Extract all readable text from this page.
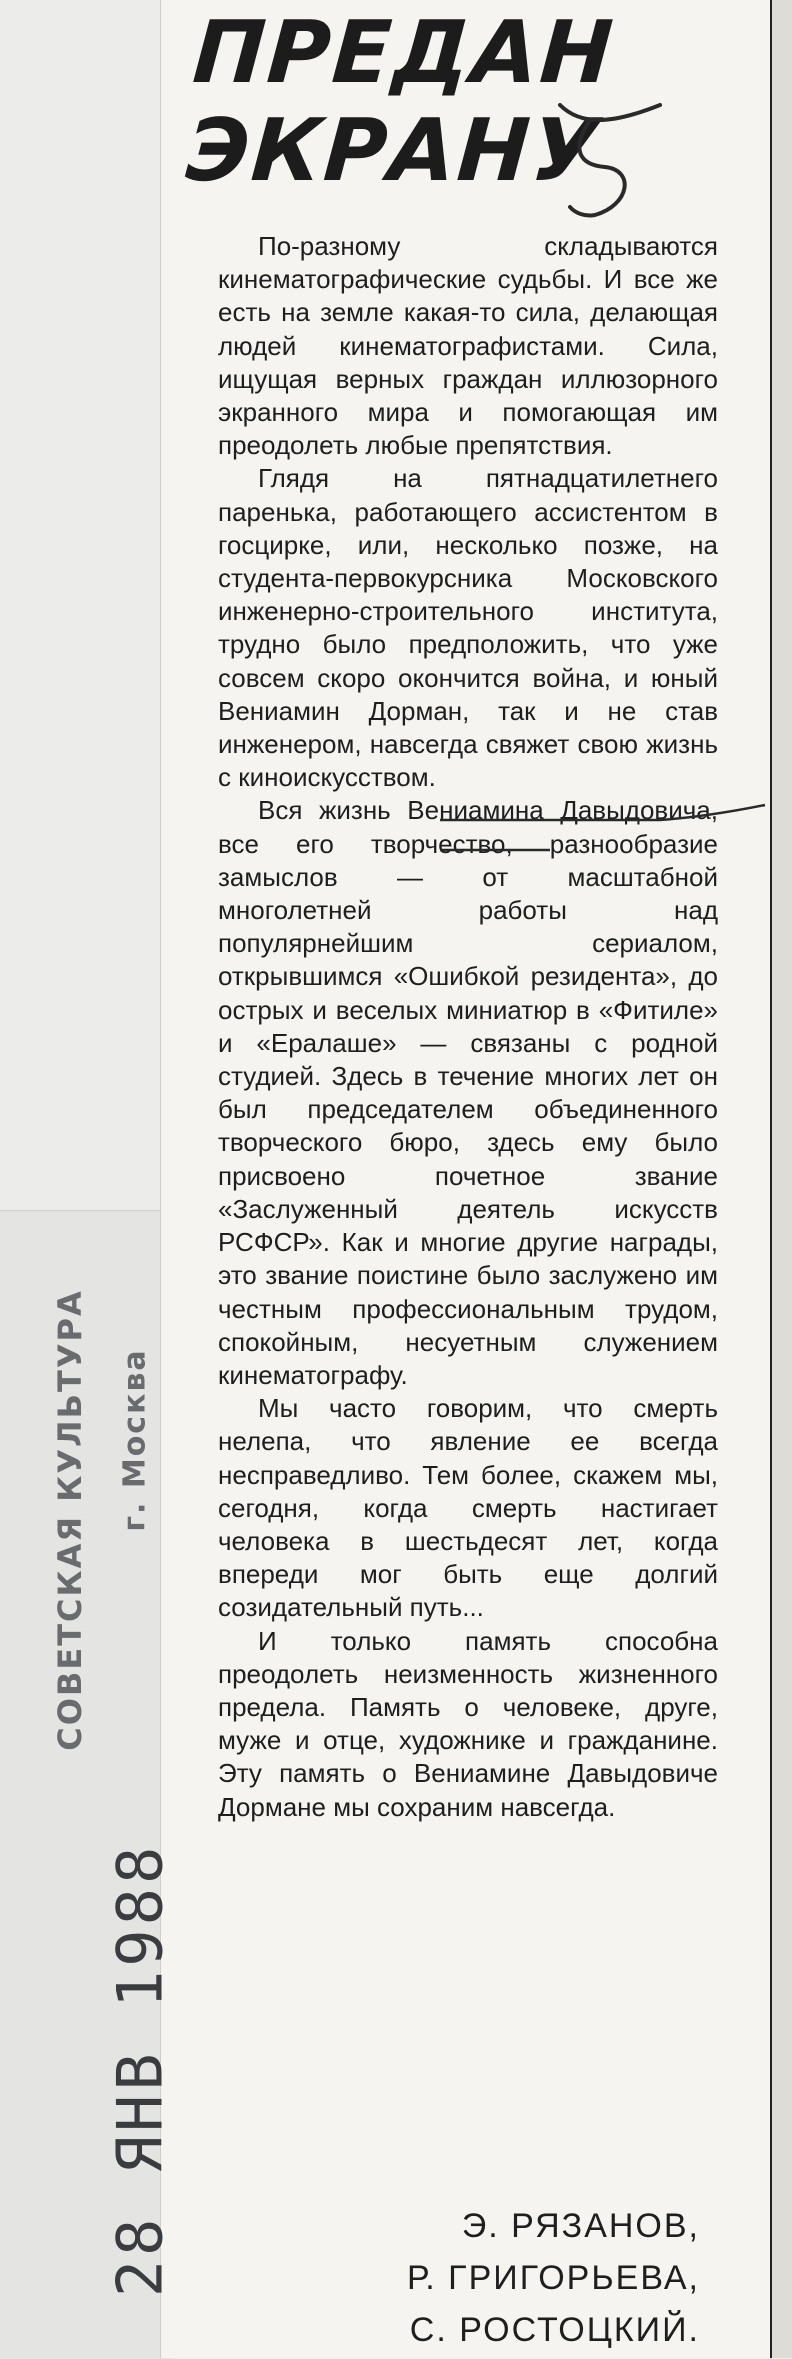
ПРЕДАН
ЭКРАНУ

По-разному складываются кинематографические судьбы. И все же есть на земле какая-то сила, делающая людей кинематографистами. Сила, ищущая верных граждан иллюзорного экранного мира и помогающая им преодолеть любые препятствия.

Глядя на пятнадцатилетнего паренька, работающего ассистентом в госцирке, или, несколько позже, на студента-первокурсника Московского инженерно-строительного института, трудно было предположить, что уже совсем скоро окончится война, и юный Вениамин Дорман, так и не став инженером, навсегда свяжет свою жизнь с киноискусством.

Вся жизнь Вениамина Давыдовича, все его творчество, разнообразие замыслов — от масштабной многолетней работы над популярнейшим сериалом, открывшимся «Ошибкой резидента», до острых и веселых миниатюр в «Фитиле» и «Ералаше» — связаны с родной студией. Здесь в течение многих лет он был председателем объединенного творческого бюро, здесь ему было присвоено почетное звание «Заслуженный деятель искусств РСФСР». Как и многие другие награды, это звание поистине было заслужено им честным профессиональным трудом, спокойным, несуетным служением кинематографу.

Мы часто говорим, что смерть нелепа, что явление ее всегда несправедливо. Тем более, скажем мы, сегодня, когда смерть настигает человека в шестьдесят лет, когда впереди мог быть еще долгий созидательный путь...

И только память способна преодолеть неизменность жизненного предела. Память о человеке, друге, муже и отце, художнике и гражданине. Эту память о Вениамине Давыдовиче Дормане мы сохраним навсегда.

Э. РЯЗАНОВ,
Р. ГРИГОРЬЕВА,
С. РОСТОЦКИЙ.
СОВЕТСКАЯ КУЛЬТУРА г. Москва
28 ЯНВ 1988
